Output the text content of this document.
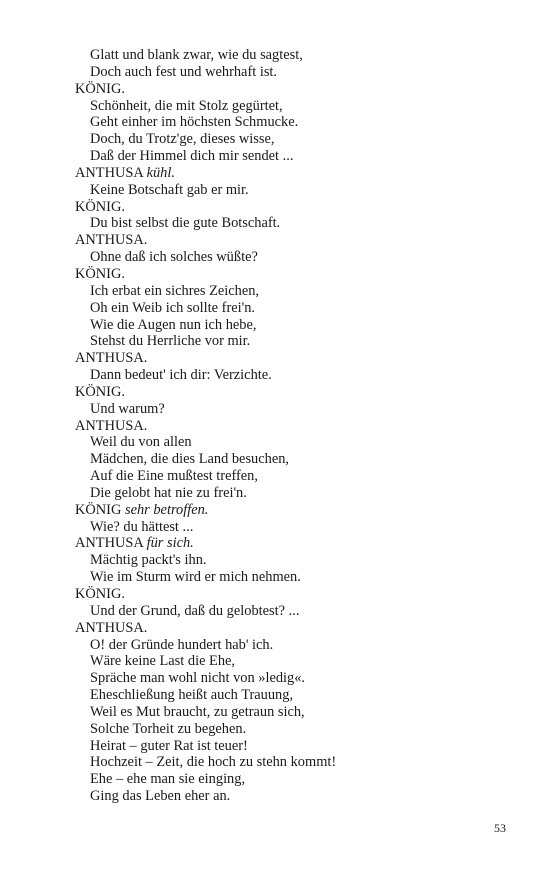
Glatt und blank zwar, wie du sagtest,
Doch auch fest und wehrhaft ist.
KÖNIG.
Schönheit, die mit Stolz gegürtet,
Geht einher im höchsten Schmucke.
Doch, du Trotz'ge, dieses wisse,
Daß der Himmel dich mir sendet ...
ANTHUSA kühl.
Keine Botschaft gab er mir.
KÖNIG.
Du bist selbst die gute Botschaft.
ANTHUSA.
Ohne daß ich solches wüßte?
KÖNIG.
Ich erbat ein sichres Zeichen,
Oh ein Weib ich sollte frei'n.
Wie die Augen nun ich hebe,
Stehst du Herrliche vor mir.
ANTHUSA.
Dann bedeut' ich dir: Verzichte.
KÖNIG.
Und warum?
ANTHUSA.
Weil du von allen
Mädchen, die dies Land besuchen,
Auf die Eine mußtest treffen,
Die gelobt hat nie zu frei'n.
KÖNIG sehr betroffen.
Wie? du hättest ...
ANTHUSA für sich.
Mächtig packt's ihn.
Wie im Sturm wird er mich nehmen.
KÖNIG.
Und der Grund, daß du gelobtest? ...
ANTHUSA.
O! der Gründe hundert hab' ich.
Wäre keine Last die Ehe,
Spräche man wohl nicht von »ledig«.
Eheschließung heißt auch Trauung,
Weil es Mut braucht, zu getraun sich,
Solche Torheit zu begehen.
Heirat – guter Rat ist teuer!
Hochzeit – Zeit, die hoch zu stehn kommt!
Ehe – ehe man sie einging,
Ging das Leben eher an.
53
